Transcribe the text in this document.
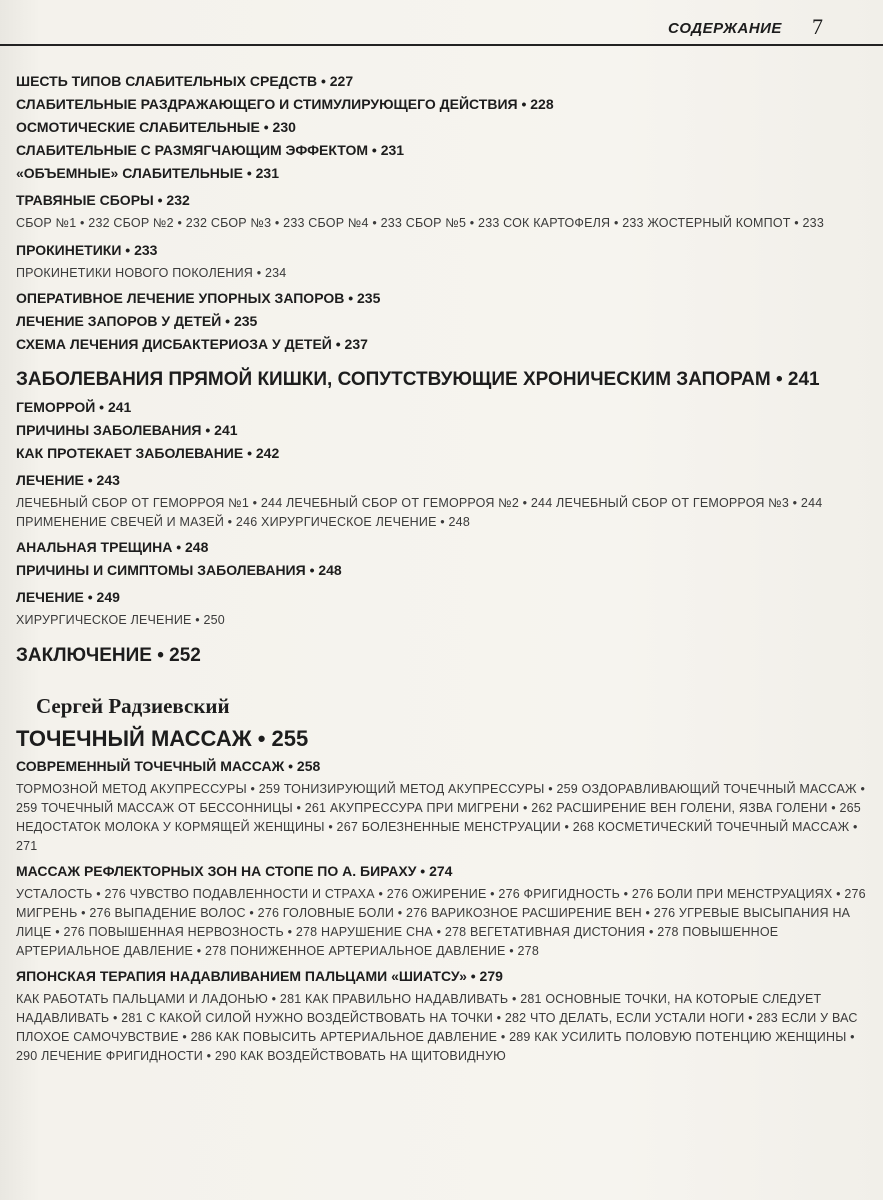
СОДЕРЖАНИЕ 7
ШЕСТЬ ТИПОВ СЛАБИТЕЛЬНЫХ СРЕДСТВ • 227
СЛАБИТЕЛЬНЫЕ РАЗДРАЖАЮЩЕГО И СТИМУЛИРУЮЩЕГО ДЕЙСТВИЯ • 228
ОСМОТИЧЕСКИЕ СЛАБИТЕЛЬНЫЕ • 230
СЛАБИТЕЛЬНЫЕ С РАЗМЯГЧАЮЩИМ ЭФФЕКТОМ • 231
«ОБЪЕМНЫЕ» СЛАБИТЕЛЬНЫЕ • 231
ТРАВЯНЫЕ СБОРЫ • 232
СБОР №1 • 232 СБОР №2 • 232 СБОР №3 • 233 СБОР №4 • 233 СБОР №5 • 233 СОК КАРТОФЕЛЯ • 233 ЖОСТЕРНЫЙ КОМПОТ • 233
ПРОКИНЕТИКИ • 233
ПРОКИНЕТИКИ НОВОГО ПОКОЛЕНИЯ • 234
ОПЕРАТИВНОЕ ЛЕЧЕНИЕ УПОРНЫХ ЗАПОРОВ • 235
ЛЕЧЕНИЕ ЗАПОРОВ У ДЕТЕЙ • 235
СХЕМА ЛЕЧЕНИЯ ДИСБАКТЕРИОЗА У ДЕТЕЙ • 237
ЗАБОЛЕВАНИЯ ПРЯМОЙ КИШКИ, СОПУТСТВУЮЩИЕ ХРОНИЧЕСКИМ ЗАПОРАМ • 241
ГЕМОРРОЙ • 241
ПРИЧИНЫ ЗАБОЛЕВАНИЯ • 241
КАК ПРОТЕКАЕТ ЗАБОЛЕВАНИЕ • 242
ЛЕЧЕНИЕ • 243
ЛЕЧЕБНЫЙ СБОР ОТ ГЕМОРРОЯ №1 • 244 ЛЕЧЕБНЫЙ СБОР ОТ ГЕМОРРОЯ №2 • 244 ЛЕЧЕБНЫЙ СБОР ОТ ГЕМОРРОЯ №3 • 244 ПРИМЕНЕНИЕ СВЕЧЕЙ И МАЗЕЙ • 246 ХИРУРГИЧЕСКОЕ ЛЕЧЕНИЕ • 248
АНАЛЬНАЯ ТРЕЩИНА • 248
ПРИЧИНЫ И СИМПТОМЫ ЗАБОЛЕВАНИЯ • 248
ЛЕЧЕНИЕ • 249
ХИРУРГИЧЕСКОЕ ЛЕЧЕНИЕ • 250
ЗАКЛЮЧЕНИЕ • 252
Сергей Радзиевский
ТОЧЕЧНЫЙ МАССАЖ • 255
СОВРЕМЕННЫЙ ТОЧЕЧНЫЙ МАССАЖ • 258
ТОРМОЗНОЙ МЕТОД АКУПРЕССУРЫ • 259 ТОНИЗИРУЮЩИЙ МЕТОД АКУПРЕССУРЫ • 259 ОЗДОРАВЛИВАЮЩИЙ ТОЧЕЧНЫЙ МАССАЖ • 259 ТОЧЕЧНЫЙ МАССАЖ ОТ БЕССОННИЦЫ • 261 АКУПРЕССУРА ПРИ МИГРЕНИ • 262 РАСШИРЕНИЕ ВЕН ГОЛЕНИ, ЯЗВА ГОЛЕНИ • 265 НЕДОСТАТОК МОЛОКА У КОРМЯЩЕЙ ЖЕНЩИНЫ • 267 БОЛЕЗНЕННЫЕ МЕНСТРУАЦИИ • 268 КОСМЕТИЧЕСКИЙ ТОЧЕЧНЫЙ МАССАЖ • 271
МАССАЖ РЕФЛЕКТОРНЫХ ЗОН НА СТОПЕ ПО А. БИРАХУ • 274
УСТАЛОСТЬ • 276 ЧУВСТВО ПОДАВЛЕННОСТИ И СТРАХА • 276 ОЖИРЕНИЕ • 276 ФРИГИДНОСТЬ • 276 БОЛИ ПРИ МЕНСТРУАЦИЯХ • 276 МИГРЕНЬ • 276 ВЫПАДЕНИЕ ВОЛОС • 276 ГОЛОВНЫЕ БОЛИ • 276 ВАРИКОЗНОЕ РАСШИРЕНИЕ ВЕН • 276 УГРЕВЫЕ ВЫСЫПАНИЯ НА ЛИЦЕ • 276 ПОВЫШЕННАЯ НЕРВОЗНОСТЬ • 278 НАРУШЕНИЕ СНА • 278 ВЕГЕТАТИВНАЯ ДИСТОНИЯ • 278 ПОВЫШЕННОЕ АРТЕРИАЛЬНОЕ ДАВЛЕНИЕ • 278 ПОНИЖЕННОЕ АРТЕРИАЛЬНОЕ ДАВЛЕНИЕ • 278
ЯПОНСКАЯ ТЕРАПИЯ НАДАВЛИВАНИЕМ ПАЛЬЦАМИ «ШИАТСУ» • 279
КАК РАБОТАТЬ ПАЛЬЦАМИ И ЛАДОНЬЮ • 281 КАК ПРАВИЛЬНО НАДАВЛИВАТЬ • 281 ОСНОВНЫЕ ТОЧКИ, НА КОТОРЫЕ СЛЕДУЕТ НАДАВЛИВАТЬ • 281 С КАКОЙ СИЛОЙ НУЖНО ВОЗДЕЙСТВОВАТЬ НА ТОЧКИ • 282 ЧТО ДЕЛАТЬ, ЕСЛИ УСТАЛИ НОГИ • 283 ЕСЛИ У ВАС ПЛОХОЕ САМОЧУВСТВИЕ • 286 КАК ПОВЫСИТЬ АРТЕРИАЛЬНОЕ ДАВЛЕНИЕ • 289 КАК УСИЛИТЬ ПОЛОВУЮ ПОТЕНЦИЮ ЖЕНЩИНЫ • 290 ЛЕЧЕНИЕ ФРИГИДНОСТИ • 290 КАК ВОЗДЕЙСТВОВАТЬ НА ЩИТОВИДНУЮ
